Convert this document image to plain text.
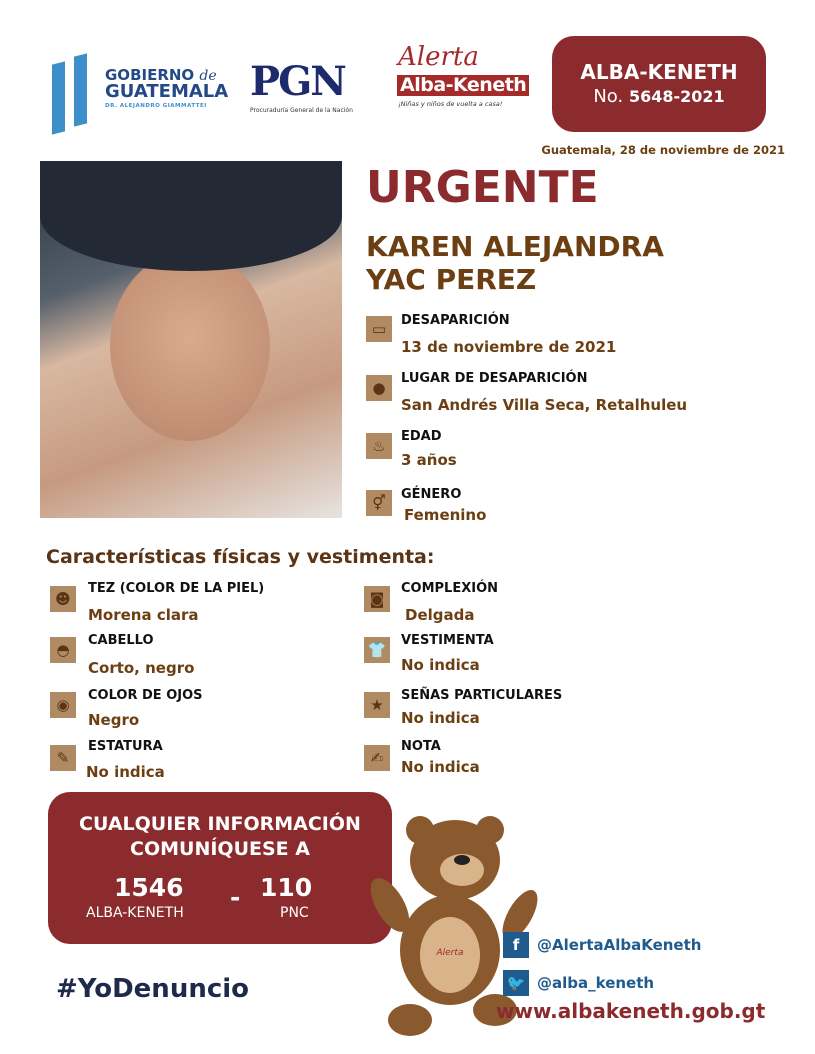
GOBIERNO de
GUATEMALA
DR. ALEJANDRO GIAMMATTEI
PGN
Procuraduría General de la Nación
Alerta
Alba-Keneth
¡Niñas y niños de vuelta a casa!
ALBA-KENETH
No. 5648-2021
Guatemala, 28 de noviembre de 2021
URGENTE
KAREN ALEJANDRA
YAC PEREZ
▭	DESAPARICIÓN
13 de noviembre de 2021
●
LUGAR DE DESAPARICIÓN
San Andrés Villa Seca, Retalhuleu
♨
EDAD
3 años
⚥	GÉNERO
Femenino
Características físicas y vestimenta:
☻
TEZ (COLOR DE LA PIEL)
Morena clara
◙
COMPLEXIÓN
Delgada
◓
CABELLO
Corto, negro
👕
VESTIMENTA
No indica
◉
COLOR DE OJOS
Negro
★
SEÑAS PARTICULARES
No indica
✎
ESTATURA
No indica
✍
NOTA
No indica
CUALQUIER INFORMACIÓN
COMUNÍQUESE A
1546
ALBA-KENETH
- 110
PNC
Alerta	f	@AlertaAlbaKeneth
🐦 @alba_keneth
www.albakeneth.gob.gt
#YoDenuncio
